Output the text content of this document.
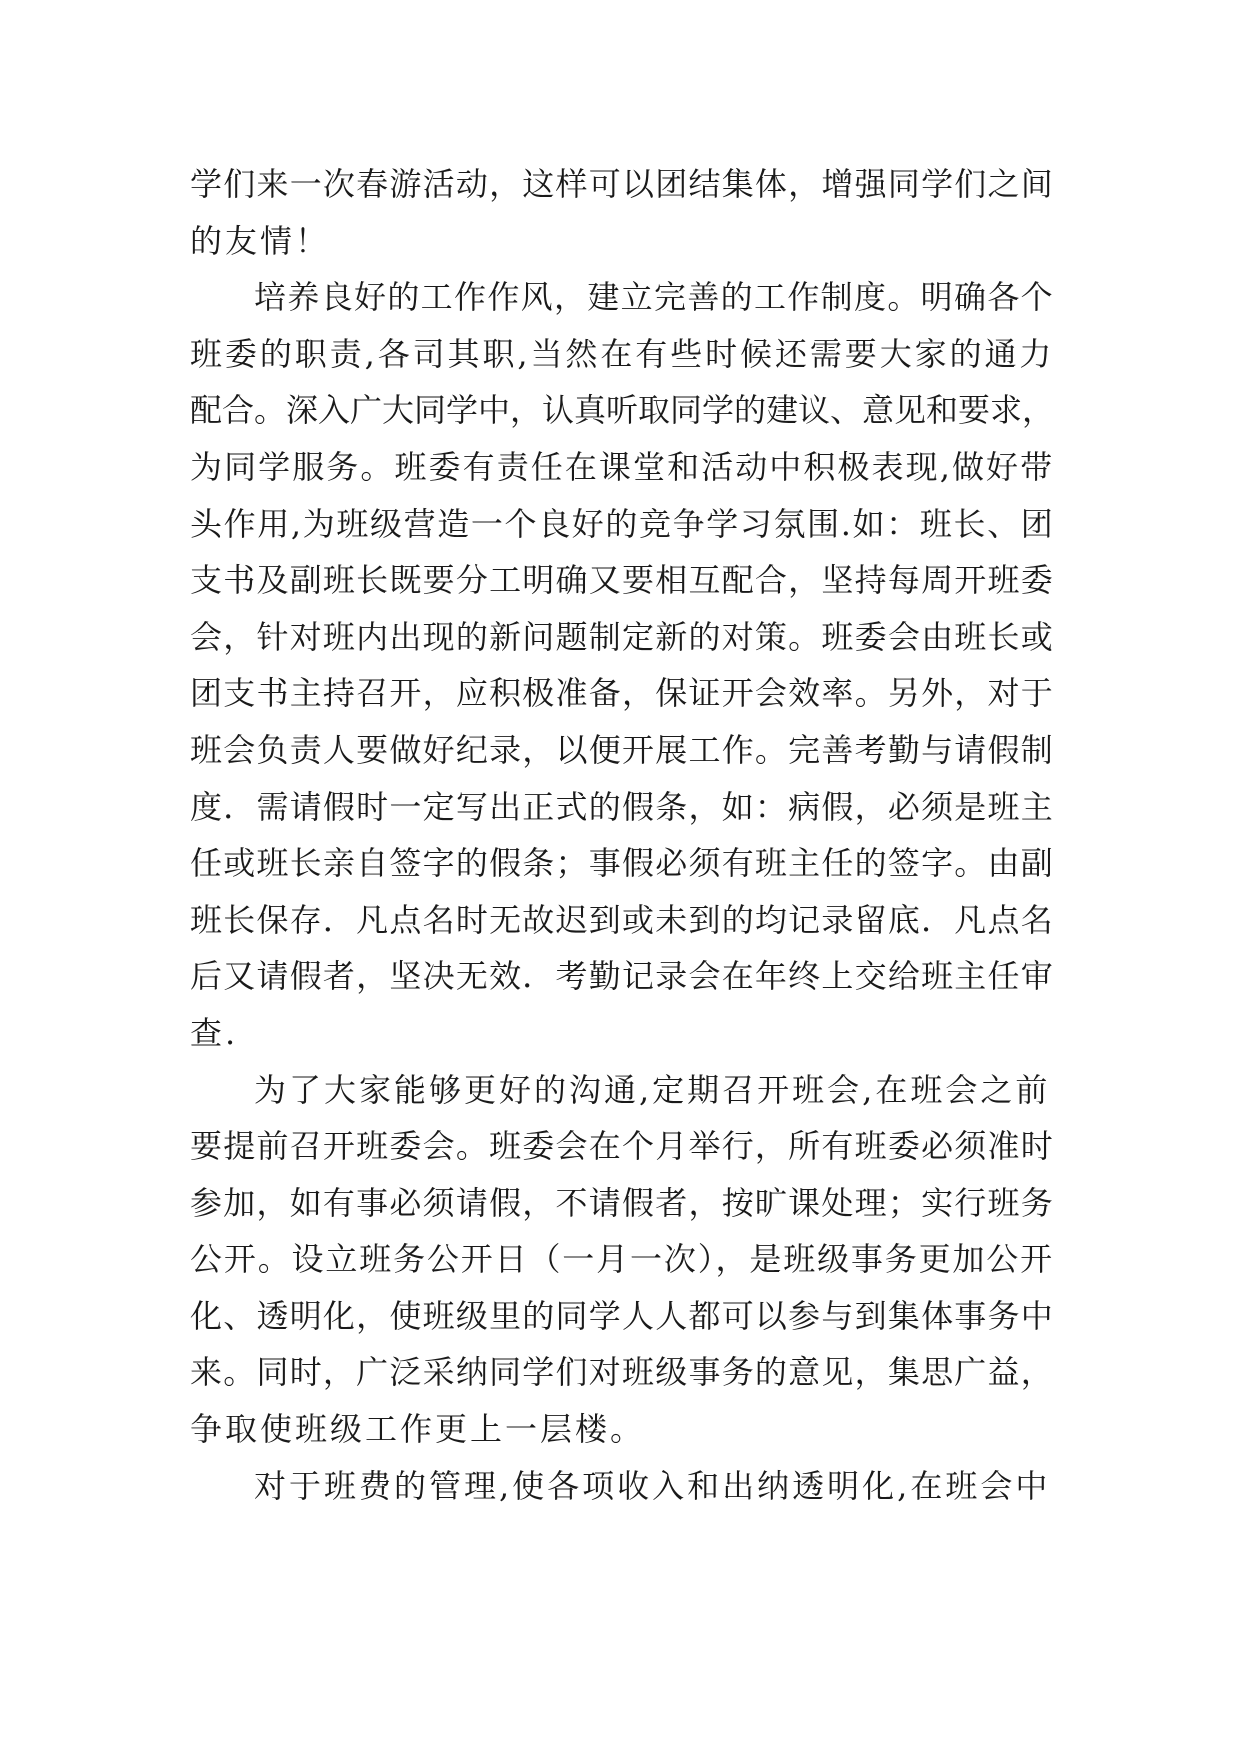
学们来一次春游活动，这样可以团结集体，增强同学们之间
的友情！

培养良好的工作作风，建立完善的工作制度。明确各个
班委的职责,各司其职,当然在有些时候还需要大家的通力
配合。深入广大同学中，认真听取同学的建议、意见和要求，
为同学服务。班委有责任在课堂和活动中积极表现,做好带
头作用,为班级营造一个良好的竞争学习氛围.如：班长、团
支书及副班长既要分工明确又要相互配合，坚持每周开班委
会，针对班内出现的新问题制定新的对策。班委会由班长或
团支书主持召开，应积极准备，保证开会效率。另外，对于
班会负责人要做好纪录，以便开展工作。完善考勤与请假制
度．需请假时一定写出正式的假条，如：病假，必须是班主
任或班长亲自签字的假条；事假必须有班主任的签字。由副
班长保存．凡点名时无故迟到或未到的均记录留底．凡点名
后又请假者，坚决无效．考勤记录会在年终上交给班主任审
查.

为了大家能够更好的沟通,定期召开班会,在班会之前
要提前召开班委会。班委会在个月举行，所有班委必须准时
参加，如有事必须请假，不请假者，按旷课处理；实行班务
公开。设立班务公开日（一月一次），是班级事务更加公开
化、透明化，使班级里的同学人人都可以参与到集体事务中
来。同时，广泛采纳同学们对班级事务的意见，集思广益，
争取使班级工作更上一层楼。

对于班费的管理,使各项收入和出纳透明化,在班会中
